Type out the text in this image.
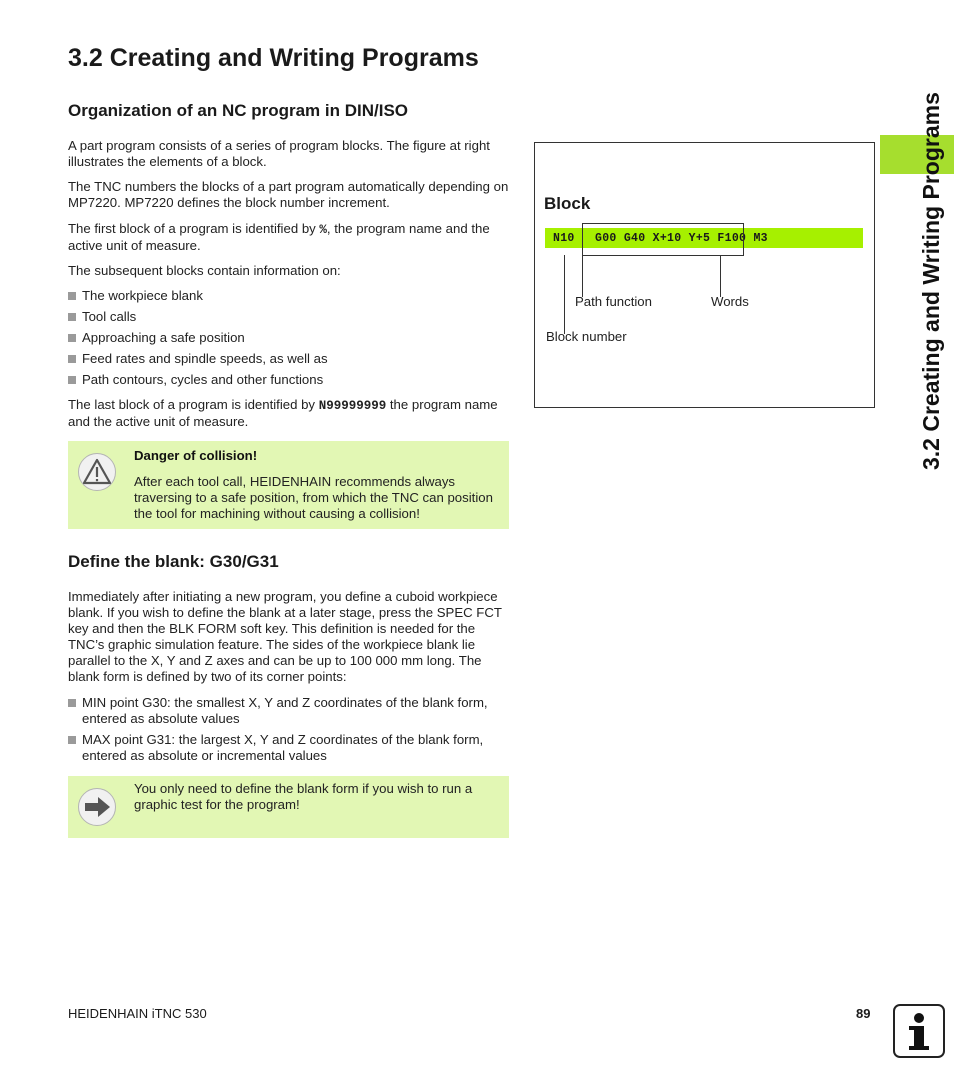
3.2 Creating and Writing Programs
3.2 Creating and Writing Programs
Organization of an NC program in DIN/ISO
A part program consists of a series of program blocks. The figure at right illustrates the elements of a block.
The TNC numbers the blocks of a part program automatically depending on MP7220. MP7220 defines the block number increment.
The first block of a program is identified by %, the program name and the active unit of measure.
The subsequent blocks contain information on:
The workpiece blank
Tool calls
Approaching a safe position
Feed rates and spindle speeds, as well as
Path contours, cycles and other functions
The last block of a program is identified by N99999999 the program name and the active unit of measure.
Danger of collision!
After each tool call, HEIDENHAIN recommends always traversing to a safe position, from which the TNC can position the tool for machining without causing a collision!
Define the blank: G30/G31
Immediately after initiating a new program, you define a cuboid workpiece blank. If you wish to define the blank at a later stage, press the SPEC FCT key and then the BLK FORM soft key. This definition is needed for the TNC’s graphic simulation feature. The sides of the workpiece blank lie parallel to the X, Y and Z axes and can be up to 100 000 mm long. The blank form is defined by two of its corner points:
MIN point G30: the smallest X, Y and Z coordinates of the blank form, entered as absolute values
MAX point G31: the largest X, Y and Z coordinates of the blank form, entered as absolute or incremental values
You only need to define the blank form if you wish to run a graphic test for the program!
Block
N10 G00 G40 X+10 Y+5 F100 M3
Path function	Words
Block number
HEIDENHAIN iTNC 530	89
